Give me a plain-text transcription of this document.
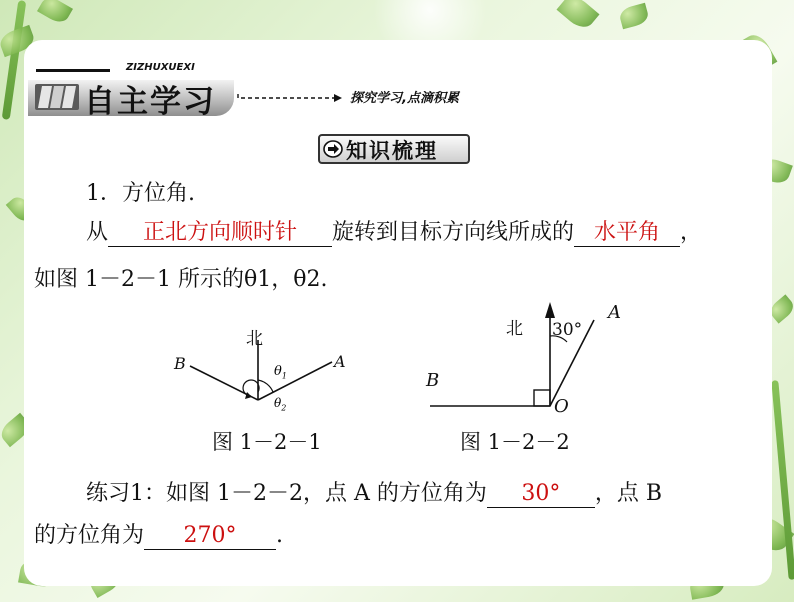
ZIZHUXUEXI
自主学习	探究学习,点滴积累
知识梳理
1．方位角.
从 正北方向顺时针 旋转到目标方向线所成的 水平角 ，
如图 1－2－1 所示的θ1，θ2.
北
B	A
$\theta_1$
$\theta_2$
图 1－2－1
北 30°
A
B
O
图 1－2－2
练习1：如图 1－2－2，点 A 的方位角为 30° ，点 B
的方位角为 270° .
